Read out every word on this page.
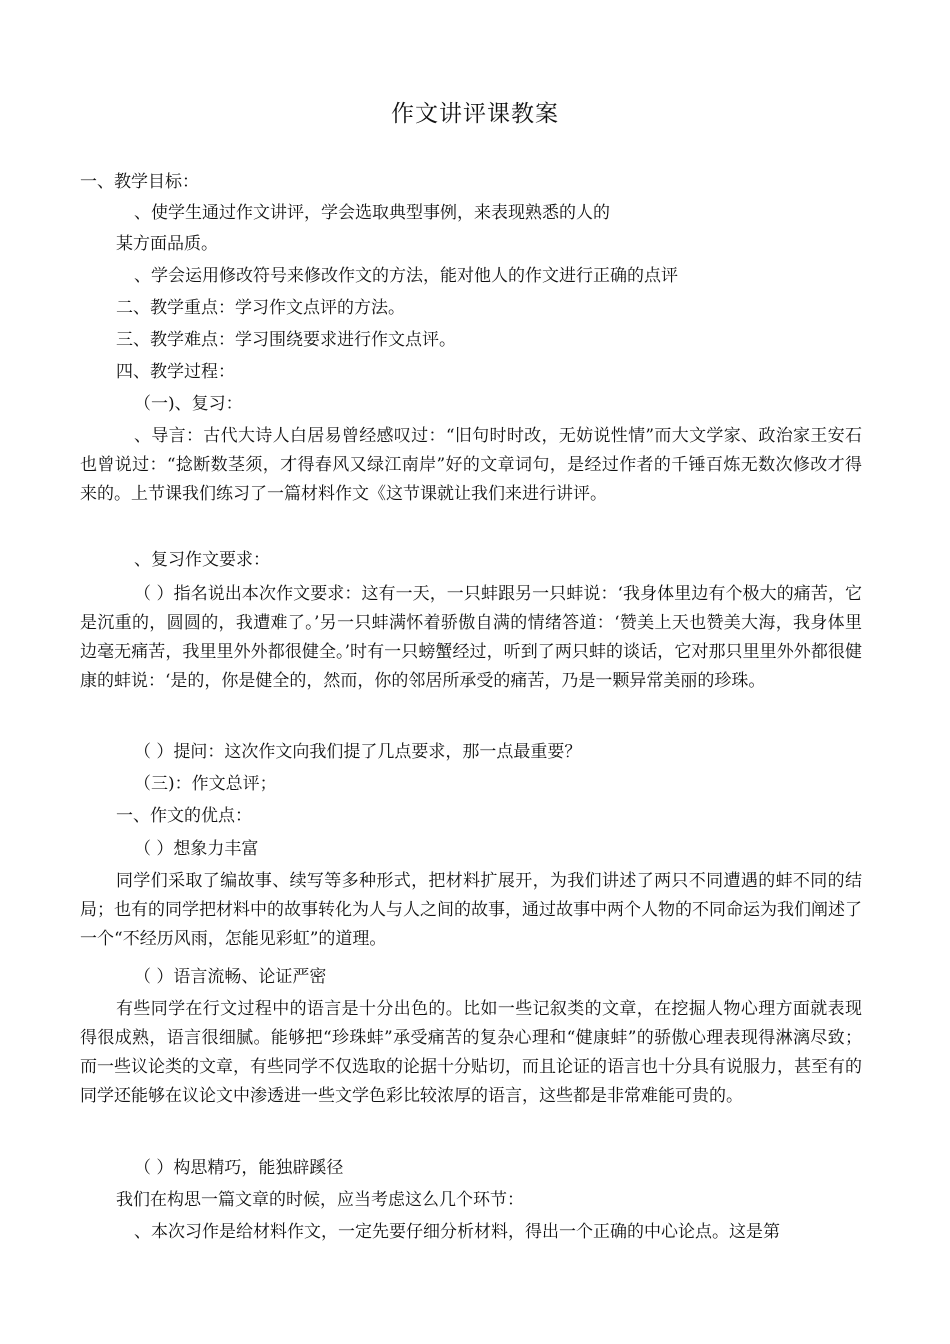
作文讲评课教案
一、教学目标：
、使学生通过作文讲评，学会选取典型事例，来表现熟悉的人的
某方面品质。
、学会运用修改符号来修改作文的方法，能对他人的作文进行正确的点评
二、教学重点：学习作文点评的方法。
三、教学难点：学习围绕要求进行作文点评。
四、教学过程：
（一)、复习：
、导言：古代大诗人白居易曾经感叹过：“旧句时时改，无妨说性情”而大文学家、政治家王安石也曾说过：“捻断数茎须，才得春风又绿江南岸”好的文章词句，是经过作者的千锤百炼无数次修改才得来的。上节课我们练习了一篇材料作文《这节课就让我们来进行讲评。
、复习作文要求：
（ ）指名说出本次作文要求：这有一天，一只蚌跟另一只蚌说：‘我身体里边有个极大的痛苦，它是沉重的，圆圆的，我遭难了。’另一只蚌满怀着骄傲自满的情绪答道：‘赞美上天也赞美大海，我身体里边毫无痛苦，我里里外外都很健全。’时有一只螃蟹经过，听到了两只蚌的谈话，它对那只里里外外都很健康的蚌说：‘是的，你是健全的，然而，你的邻居所承受的痛苦，乃是一颗异常美丽的珍珠。
（ ）提问：这次作文向我们提了几点要求，那一点最重要？
（三)：作文总评；
一、作文的优点：
（ ）想象力丰富
同学们采取了编故事、续写等多种形式，把材料扩展开，为我们讲述了两只不同遭遇的蚌不同的结局；也有的同学把材料中的故事转化为人与人之间的故事，通过故事中两个人物的不同命运为我们阐述了一个“不经历风雨，怎能见彩虹”的道理。
（ ）语言流畅、论证严密
有些同学在行文过程中的语言是十分出色的。比如一些记叙类的文章，在挖掘人物心理方面就表现得很成熟，语言很细腻。能够把“珍珠蚌”承受痛苦的复杂心理和“健康蚌”的骄傲心理表现得淋漓尽致；而一些议论类的文章，有些同学不仅选取的论据十分贴切，而且论证的语言也十分具有说服力，甚至有的同学还能够在议论文中渗透进一些文学色彩比较浓厚的语言，这些都是非常难能可贵的。
（ ）构思精巧，能独辟蹊径
我们在构思一篇文章的时候，应当考虑这么几个环节：
、本次习作是给材料作文，一定先要仔细分析材料，得出一个正确的中心论点。这是第
